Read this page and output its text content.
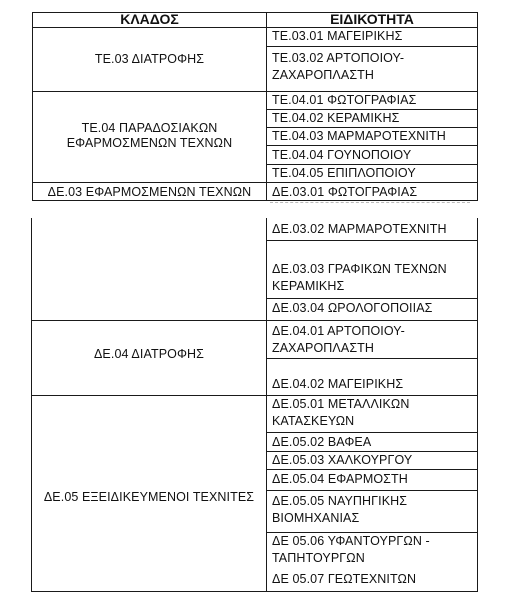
ΚΛΑΔΟΣ	ΕΙΔΙΚΟΤΗΤΑ
ΤΕ.03 ΔΙΑΤΡΟΦΗΣ
ΤΕ.04 ΠΑΡΑΔΟΣΙΑΚΩΝ
ΕΦΑΡΜΟΣΜΕΝΩΝ ΤΕΧΝΩΝ
ΔΕ.03 ΕΦΑΡΜΟΣΜΕΝΩΝ ΤΕΧΝΩΝ
ΤΕ.03.01 ΜΑΓΕΙΡΙΚΗΣ
ΤΕ.03.02 ΑΡΤΟΠΟΙΟΥ-
ΖΑΧΑΡΟΠΛΑΣΤΗ
ΤΕ.04.01 ΦΩΤΟΓΡΑΦΙΑΣ
ΤΕ.04.02 ΚΕΡΑΜΙΚΗΣ
ΤΕ.04.03 ΜΑΡΜΑΡΟΤΕΧΝΙΤΗ
ΤΕ.04.04 ΓΟΥΝΟΠΟΙΟΥ
ΤΕ.04.05 ΕΠΙΠΛΟΠΟΙΟΥ
ΔΕ.03.01 ΦΩΤΟΓΡΑΦΙΑΣ
ΔΕ.04 ΔΙΑΤΡΟΦΗΣ
ΔΕ.05 ΕΞΕΙΔΙΚΕΥΜΕΝΟΙ ΤΕΧΝΙΤΕΣ
ΔΕ.03.02 ΜΑΡΜΑΡΟΤΕΧΝΙΤΗ
ΔΕ.03.03 ΓΡΑΦΙΚΩΝ ΤΕΧΝΩΝ
ΚΕΡΑΜΙΚΗΣ
ΔΕ.03.04 ΩΡΟΛΟΓΟΠΟΙΙΑΣ
ΔΕ.04.01 ΑΡΤΟΠΟΙΟΥ-
ΖΑΧΑΡΟΠΛΑΣΤΗ
ΔΕ.04.02 ΜΑΓΕΙΡΙΚΗΣ
ΔΕ.05.01 ΜΕΤΑΛΛΙΚΩΝ
ΚΑΤΑΣΚΕΥΩΝ
ΔΕ.05.02 ΒΑΦΕΑ
ΔΕ.05.03 ΧΑΛΚΟΥΡΓΟΥ
ΔΕ.05.04 ΕΦΑΡΜΟΣΤΗ
ΔΕ.05.05 ΝΑΥΠΗΓΙΚΗΣ
ΒΙΟΜΗΧΑΝΙΑΣ
ΔΕ 05.06 ΥΦΑΝΤΟΥΡΓΩΝ -
ΤΑΠΗΤΟΥΡΓΩΝ
ΔΕ 05.07 ΓΕΩΤΕΧΝΙΤΩΝ
